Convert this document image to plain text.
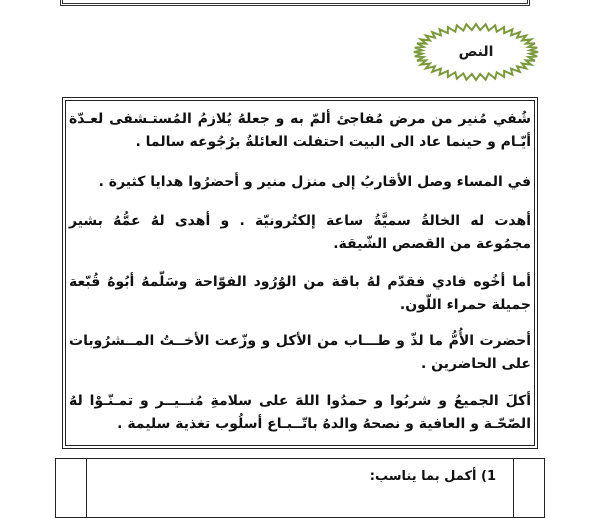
النص
شُفي مُنير من مرض مُفاجئ ألمّ به و جعلهُ يُلازمُ المُستـشفى لعـدّة أيّـام و حينما عاد الى البيت احتفلت العائلةُ برُجُوعه سالما .
في المساء وصل الأقاربُ إلى منزل منير و أحضرُوا هدايا كثيرة .
أهدت له الخالةُ سميَّةُ ساعة إلكتُرونيّة . و أهدى لهُ عمُّهُ بشير مجمُوعة من القصص الشّيقة.
أما أخُوه فادي فقدّم لهُ باقة من الوُرُود الفوّاحة وسَلّمهُ أبُوهُ قُبّعة جميلة حمراء اللّون.
أحضرت الأُمُّ ما لذّ و طـــاب من الأكل و وزّعت الأخــتُ المــشرُوبات على الحاضرين .
أكلَ الجميعُ و شربُوا و حمدُوا اللهَ على سلامةِ مُنــيــر و تمـنّـوْا لهُ الصّحّـة و العافية و نصحهُ والدهُ باتّــبـاع أسلُوب تغذية سليمة .
1) أكمل بما يناسب:
